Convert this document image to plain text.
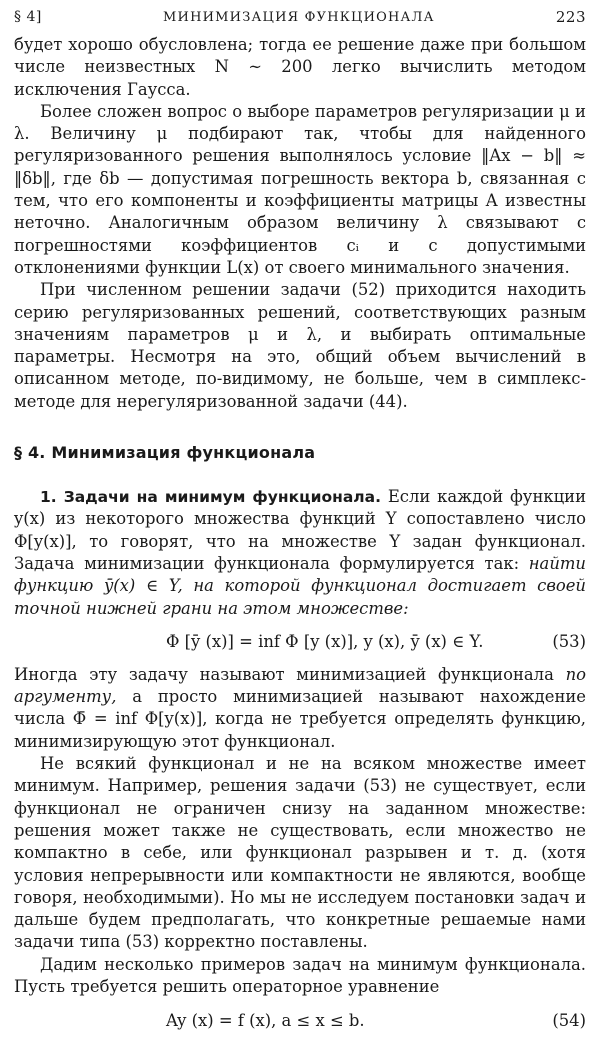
§ 4]	МИНИМИЗАЦИЯ ФУНКЦИОНАЛА	223

будет хорошо обусловлена; тогда ее решение даже при большом числе неизвестных N ∼ 200 легко вычислить методом исключения Гаусса.

Более сложен вопрос о выборе параметров регуляризации μ и λ. Величину μ подбирают так, чтобы для найденного регуляризованного решения выполнялось условие ‖Ax − b‖ ≈ ‖δb‖, где δb — допустимая погрешность вектора b, связанная с тем, что его компоненты и коэффициенты матрицы A известны неточно. Аналогичным образом величину λ связывают с погрешностями коэффициентов cᵢ и с допустимыми отклонениями функции L(x) от своего минимального значения.

При численном решении задачи (52) приходится находить серию регуляризованных решений, соответствующих разным значениям параметров μ и λ, и выбирать оптимальные параметры. Несмотря на это, общий объем вычислений в описанном методе, по-видимому, не больше, чем в симплекс-методе для нерегуляризованной задачи (44).

§ 4. Минимизация функционала

1. Задачи на минимум функционала. Если каждой функции y(x) из некоторого множества функций Y сопоставлено число Φ[y(x)], то говорят, что на множестве Y задан функционал. Задача минимизации функционала формулируется так: найти функцию ȳ(x) ∈ Y, на которой функционал достигает своей точной нижней грани на этом множестве:

Φ [ȳ (x)] = inf Φ [y (x)], y (x), ȳ (x) ∈ Y.	(53)

Иногда эту задачу называют минимизацией функционала по аргументу, а просто минимизацией называют нахождение числа Φ̄ = inf Φ[y(x)], когда не требуется определять функцию, минимизирующую этот функционал.

Не всякий функционал и не на всяком множестве имеет минимум. Например, решения задачи (53) не существует, если функционал не ограничен снизу на заданном множестве: решения может также не существовать, если множество не компактно в себе, или функционал разрывен и т. д. (хотя условия непрерывности или компактности не являются, вообще говоря, необходимыми). Но мы не исследуем постановки задач и дальше будем предполагать, что конкретные решаемые нами задачи типа (53) корректно поставлены.

Дадим несколько примеров задач на минимум функционала. Пусть требуется решить операторное уравнение

Ay (x) = f (x), a ≤ x ≤ b.	(54)
